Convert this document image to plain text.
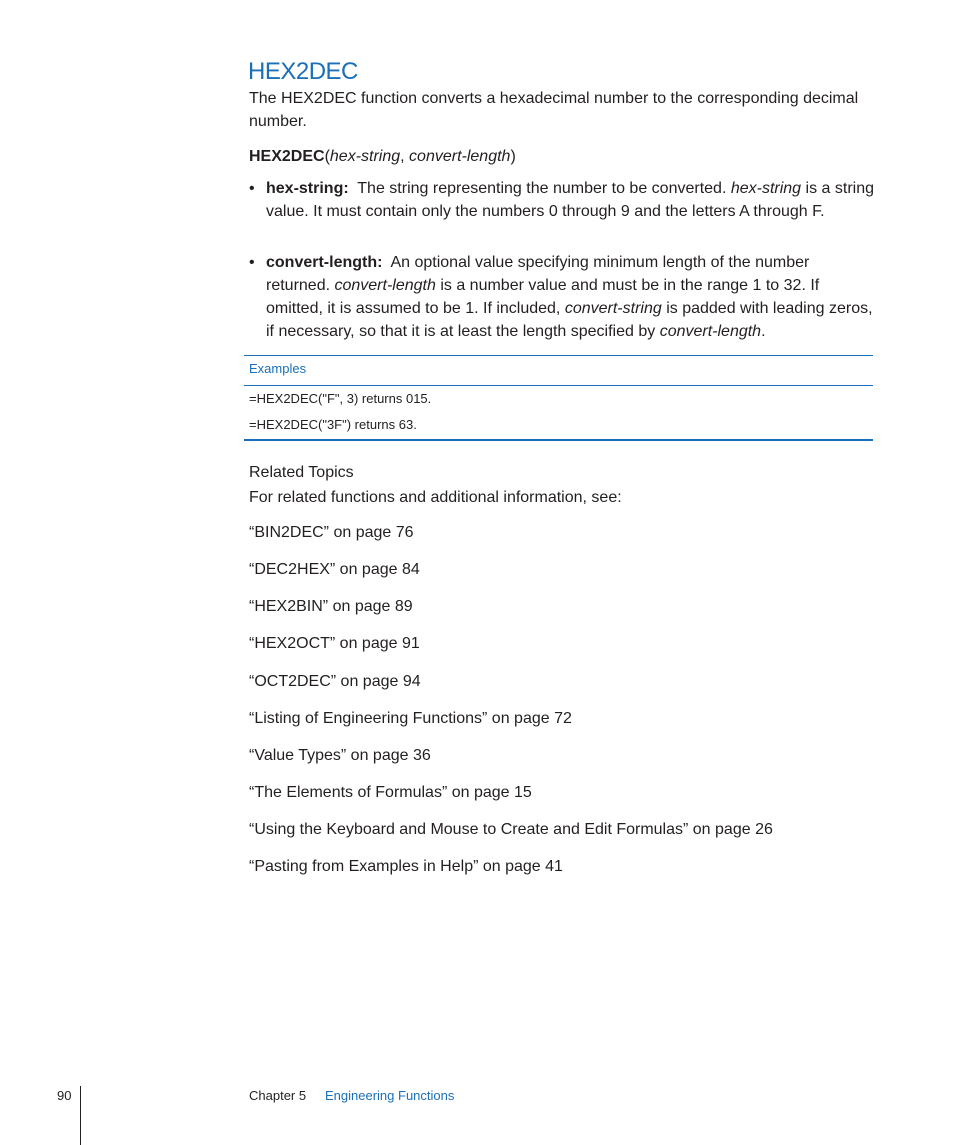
HEX2DEC
The HEX2DEC function converts a hexadecimal number to the corresponding decimal number.
HEX2DEC(hex-string, convert-length)
• hex-string: The string representing the number to be converted. hex-string is a string value. It must contain only the numbers 0 through 9 and the letters A through F.
• convert-length: An optional value specifying minimum length of the number returned. convert-length is a number value and must be in the range 1 to 32. If omitted, it is assumed to be 1. If included, convert-string is padded with leading zeros, if necessary, so that it is at least the length specified by convert-length.
Examples
=HEX2DEC("F", 3) returns 015.
=HEX2DEC("3F") returns 63.
Related Topics
For related functions and additional information, see:
“BIN2DEC” on page 76
“DEC2HEX” on page 84
“HEX2BIN” on page 89
“HEX2OCT” on page 91
“OCT2DEC” on page 94
“Listing of Engineering Functions” on page 72
“Value Types” on page 36
“The Elements of Formulas” on page 15
“Using the Keyboard and Mouse to Create and Edit Formulas” on page 26
“Pasting from Examples in Help” on page 41
90	Chapter 5 Engineering Functions
